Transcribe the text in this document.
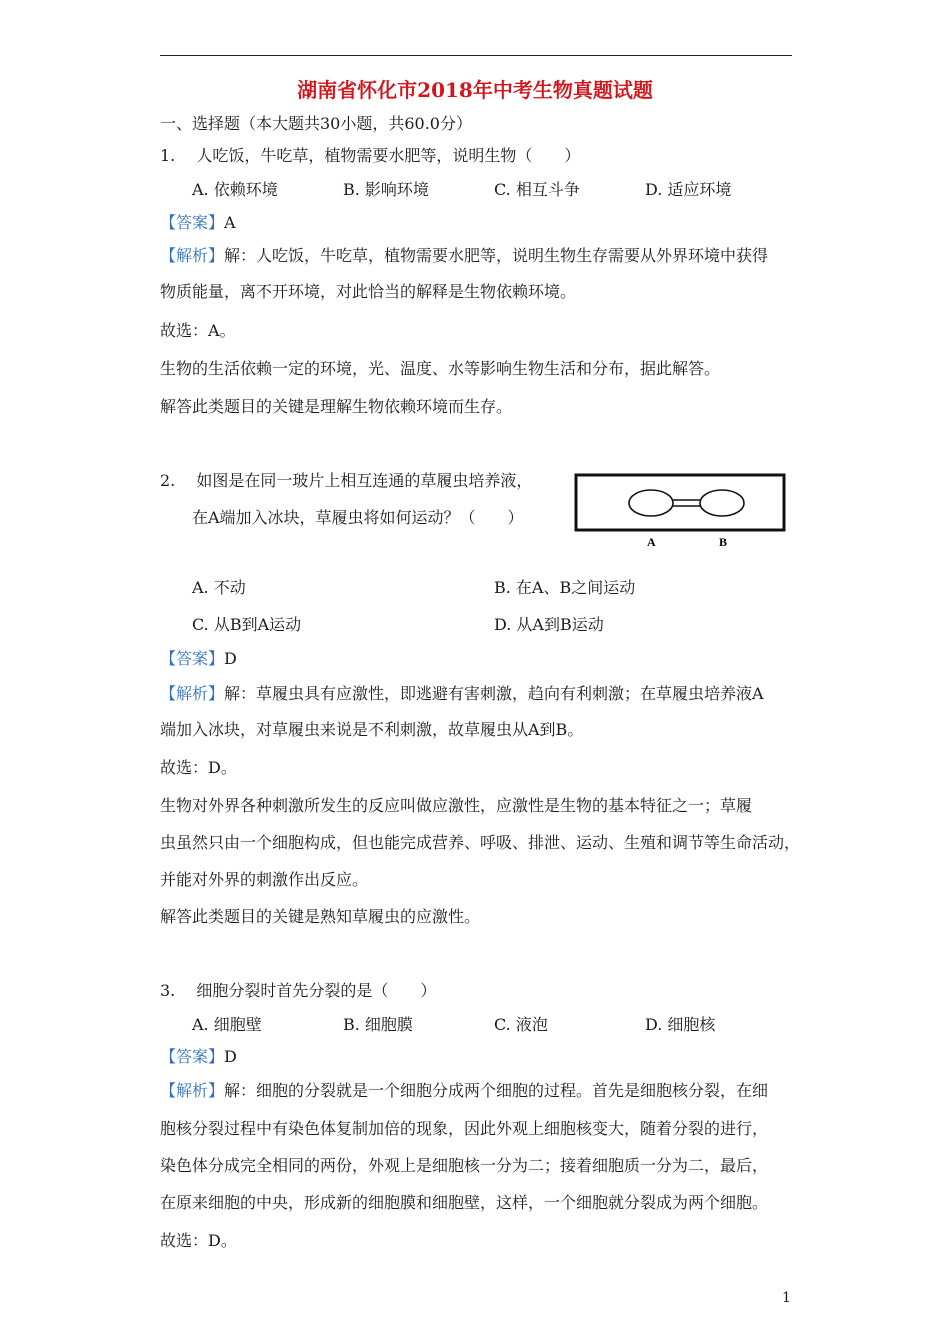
湖南省怀化市2018年中考生物真题试题
一、选择题（本大题共30小题，共60.0分）
1.　 人吃饭，牛吃草，植物需要水肥等，说明生物（　　）
A. 依赖环境	B. 影响环境	C. 相互斗争	D. 适应环境
【答案】A
【解析】解：人吃饭，牛吃草，植物需要水肥等，说明生物生存需要从外界环境中获得
物质能量，离不开环境，对此恰当的解释是生物依赖环境。
故选：A。
生物的生活依赖一定的环境，光、温度、水等影响生物生活和分布，据此解答。
解答此类题目的关键是理解生物依赖环境而生存。
2.　 如图是在同一玻片上相互连通的草履虫培养液，
在A端加入冰块，草履虫将如何运动？（　　）
A	B
A. 不动	B. 在A、B之间运动
C. 从B到A运动	D. 从A到B运动
【答案】D
【解析】解：草履虫具有应激性，即逃避有害刺激，趋向有利刺激；在草履虫培养液A
端加入冰块，对草履虫来说是不利刺激，故草履虫从A到B。
故选：D。
生物对外界各种刺激所发生的反应叫做应激性，应激性是生物的基本特征之一；草履
虫虽然只由一个细胞构成，但也能完成营养、呼吸、排泄、运动、生殖和调节等生命活动，
并能对外界的刺激作出反应。
解答此类题目的关键是熟知草履虫的应激性。
3.　 细胞分裂时首先分裂的是（　　）
A. 细胞壁	B. 细胞膜	C. 液泡	D. 细胞核
【答案】D
【解析】解：细胞的分裂就是一个细胞分成两个细胞的过程。首先是细胞核分裂，在细
胞核分裂过程中有染色体复制加倍的现象，因此外观上细胞核变大，随着分裂的进行，
染色体分成完全相同的两份，外观上是细胞核一分为二；接着细胞质一分为二，最后，
在原来细胞的中央，形成新的细胞膜和细胞壁，这样，一个细胞就分裂成为两个细胞。
故选：D。
1
